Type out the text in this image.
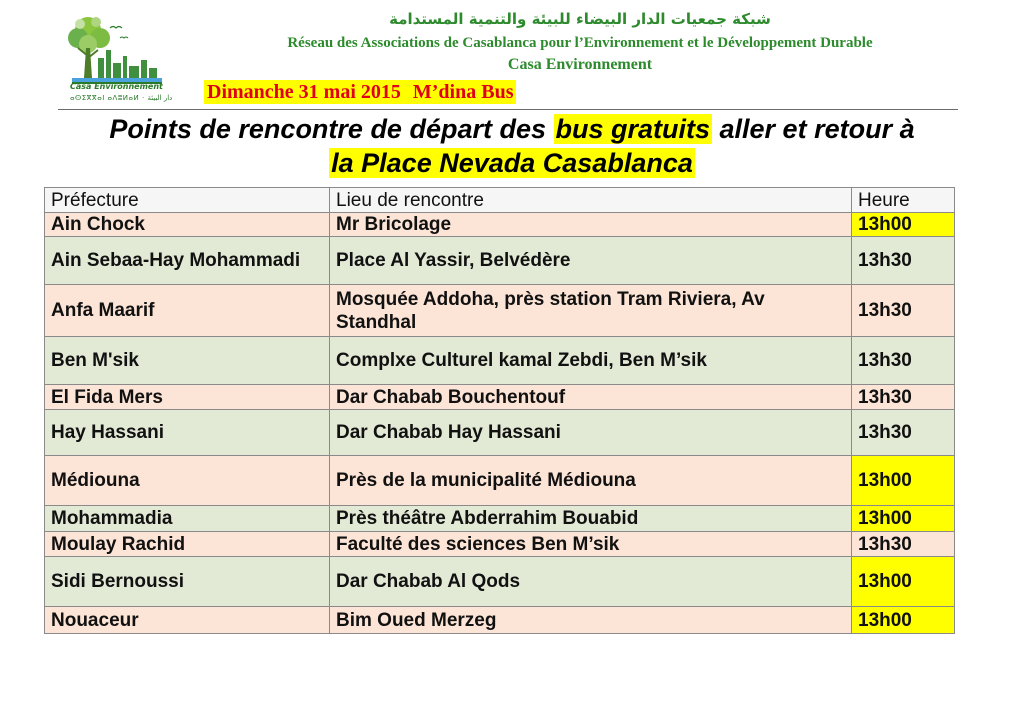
Casa Environnement
ⴰⵙⵉⴳⴳⴰⵏ ⴰⴷⵓⵍⴰⵍ · دار البيئة
شبكة جمعيات الدار البيضاء للبيئة والتنمية المستدامة
Réseau des Associations de Casablanca pour l’Environnement et le Développement Durable
Casa Environnement
Dimanche 31 mai 2015 M’dina Bus
Points de rencontre de départ des bus gratuits aller et retour à
la Place Nevada Casablanca
Préfecture	Lieu de rencontre	Heure
Ain Chock	Mr Bricolage	13h00
Ain Sebaa-Hay Mohammadi	Place Al Yassir, Belvédère	13h30
Anfa Maarif	Mosquée Addoha, près station Tram Riviera, Av Standhal	13h30
Ben M'sik	Complxe Culturel kamal Zebdi, Ben M’sik	13h30
El Fida Mers	Dar Chabab Bouchentouf	13h30
Hay Hassani	Dar Chabab Hay Hassani	13h30
Médiouna	Près de la municipalité Médiouna	13h00
Mohammadia	Près théâtre Abderrahim Bouabid	13h00
Moulay Rachid	Faculté des sciences Ben M’sik	13h30
Sidi Bernoussi	Dar Chabab Al Qods	13h00
Nouaceur	Bim Oued Merzeg	13h00
